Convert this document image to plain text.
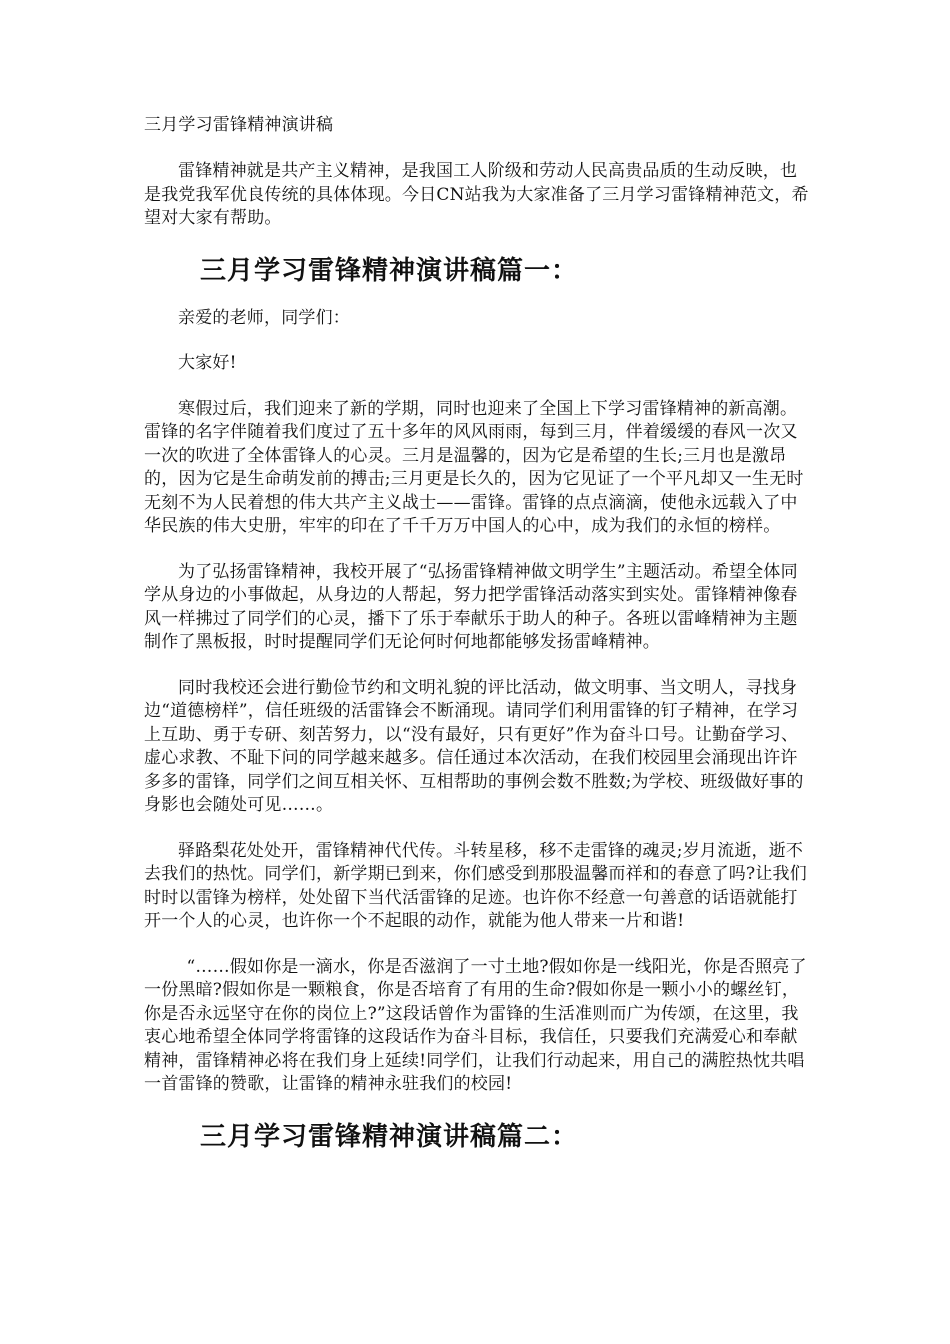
三月学习雷锋精神演讲稿

雷锋精神就是共产主义精神，是我国工人阶级和劳动人民高贵品质的生动反映，也是我党我军优良传统的具体体现。今日CN站我为大家准备了三月学习雷锋精神范文，希望对大家有帮助。

三月学习雷锋精神演讲稿篇一：

亲爱的老师，同学们：

大家好!

寒假过后，我们迎来了新的学期，同时也迎来了全国上下学习雷锋精神的新高潮。雷锋的名字伴随着我们度过了五十多年的风风雨雨，每到三月，伴着缓缓的春风一次又一次的吹进了全体雷锋人的心灵。三月是温馨的，因为它是希望的生长;三月也是激昂的，因为它是生命萌发前的搏击;三月更是长久的，因为它见证了一个平凡却又一生无时无刻不为人民着想的伟大共产主义战士——雷锋。雷锋的点点滴滴，使他永远载入了中华民族的伟大史册，牢牢的印在了千千万万中国人的心中，成为我们的永恒的榜样。

为了弘扬雷锋精神，我校开展了“弘扬雷锋精神做文明学生”主题活动。希望全体同学从身边的小事做起，从身边的人帮起，努力把学雷锋活动落实到实处。雷锋精神像春风一样拂过了同学们的心灵，播下了乐于奉献乐于助人的种子。各班以雷峰精神为主题制作了黑板报，时时提醒同学们无论何时何地都能够发扬雷峰精神。

同时我校还会进行勤俭节约和文明礼貌的评比活动，做文明事、当文明人，寻找身边“道德榜样”，信任班级的活雷锋会不断涌现。请同学们利用雷锋的钉子精神，在学习上互助、勇于专研、刻苦努力，以“没有最好，只有更好”作为奋斗口号。让勤奋学习、虚心求教、不耻下问的同学越来越多。信任通过本次活动，在我们校园里会涌现出许许多多的雷锋，同学们之间互相关怀、互相帮助的事例会数不胜数;为学校、班级做好事的身影也会随处可见……。

驿路梨花处处开，雷锋精神代代传。斗转星移，移不走雷锋的魂灵;岁月流逝，逝不去我们的热忱。同学们，新学期已到来，你们感受到那股温馨而祥和的春意了吗?让我们时时以雷锋为榜样，处处留下当代活雷锋的足迹。也许你不经意一句善意的话语就能打开一个人的心灵，也许你一个不起眼的动作，就能为他人带来一片和谐!

“……假如你是一滴水，你是否滋润了一寸土地?假如你是一线阳光，你是否照亮了一份黑暗?假如你是一颗粮食，你是否培育了有用的生命?假如你是一颗小小的螺丝钉，你是否永远坚守在你的岗位上?”这段话曾作为雷锋的生活准则而广为传颂，在这里，我衷心地希望全体同学将雷锋的这段话作为奋斗目标，我信任，只要我们充满爱心和奉献精神，雷锋精神必将在我们身上延续!同学们，让我们行动起来，用自己的满腔热忱共唱一首雷锋的赞歌，让雷锋的精神永驻我们的校园!

三月学习雷锋精神演讲稿篇二：
